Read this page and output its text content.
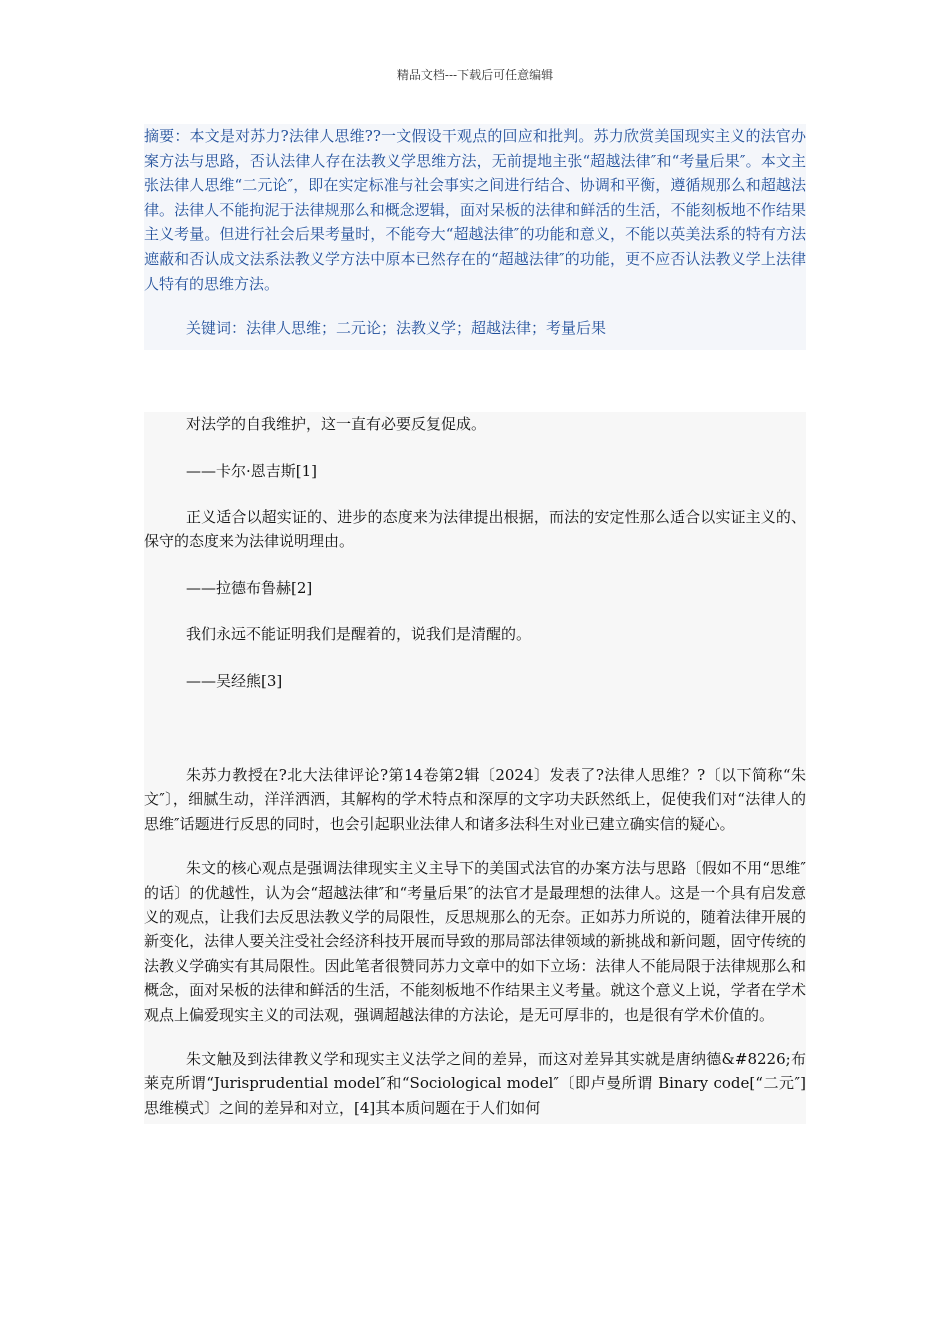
精品文档---下载后可任意编辑

摘要：本文是对苏力?法律人思维??一文假设干观点的回应和批判。苏力欣赏美国现实主义的法官办案方法与思路，否认法律人存在法教义学思维方法，无前提地主张“超越法律″和“考量后果″。本文主张法律人思维“二元论″，即在实定标准与社会事实之间进行结合、协调和平衡，遵循规那么和超越法律。法律人不能拘泥于法律规那么和概念逻辑，面对呆板的法律和鲜活的生活，不能刻板地不作结果主义考量。但进行社会后果考量时，不能夸大“超越法律″的功能和意义，不能以英美法系的特有方法遮蔽和否认成文法系法教义学方法中原本已然存在的“超越法律″的功能，更不应否认法教义学上法律人特有的思维方法。

关键词：法律人思维；二元论；法教义学；超越法律；考量后果

对法学的自我维护，这一直有必要反复促成。

——卡尔·恩吉斯[1]

正义适合以超实证的、进步的态度来为法律提出根据，而法的安定性那么适合以实证主义的、保守的态度来为法律说明理由。

——拉德布鲁赫[2]

我们永远不能证明我们是醒着的，说我们是清醒的。

——吴经熊[3]

朱苏力教授在?北大法律评论?第14卷第2辑〔2024〕发表了?法律人思维？?〔以下简称“朱文″〕，细腻生动，洋洋洒洒，其解构的学术特点和深厚的文字功夫跃然纸上，促使我们对“法律人的思维″话题进行反思的同时，也会引起职业法律人和诸多法科生对业已建立确实信的疑心。

朱文的核心观点是强调法律现实主义主导下的美国式法官的办案方法与思路〔假如不用“思维″的话〕的优越性，认为会“超越法律″和“考量后果″的法官才是最理想的法律人。这是一个具有启发意义的观点，让我们去反思法教义学的局限性，反思规那么的无奈。正如苏力所说的，随着法律开展的新变化，法律人要关注受社会经济科技开展而导致的那局部法律领域的新挑战和新问题，固守传统的法教义学确实有其局限性。因此笔者很赞同苏力文章中的如下立场：法律人不能局限于法律规那么和概念，面对呆板的法律和鲜活的生活，不能刻板地不作结果主义考量。就这个意义上说，学者在学术观点上偏爱现实主义的司法观，强调超越法律的方法论，是无可厚非的，也是很有学术价值的。

朱文触及到法律教义学和现实主义法学之间的差异，而这对差异其实就是唐纳德&#8226;布莱克所谓“Jurisprudential model″和“Sociological model″〔即卢曼所谓 Binary code[“二元″]思维模式〕之间的差异和对立，[4]其本质问题在于人们如何
